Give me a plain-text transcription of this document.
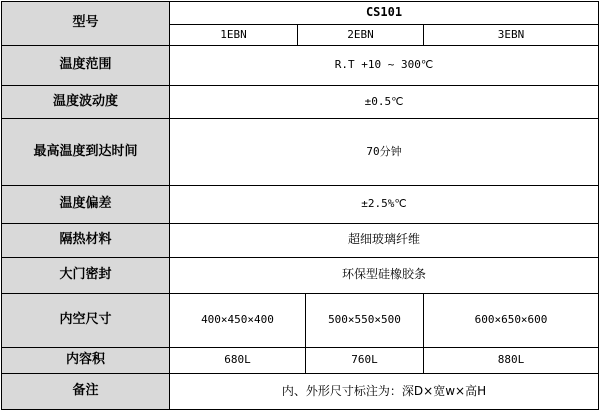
型号	CS101			
	1EBN	2EBN		3EBN
温度范围	R.T +10 ~ 300℃			
温度波动度	±0.5℃			
最高温度到达时间	70分钟			
温度偏差	±2.5%℃			
隔热材料	超细玻璃纤维			
大门密封	环保型硅橡胶条			
内空尺寸	400×450×400		500×550×500	600×650×600
内容积	680L		760L	880L
备注	内、外形尺寸标注为：深D×宽w×高H			
